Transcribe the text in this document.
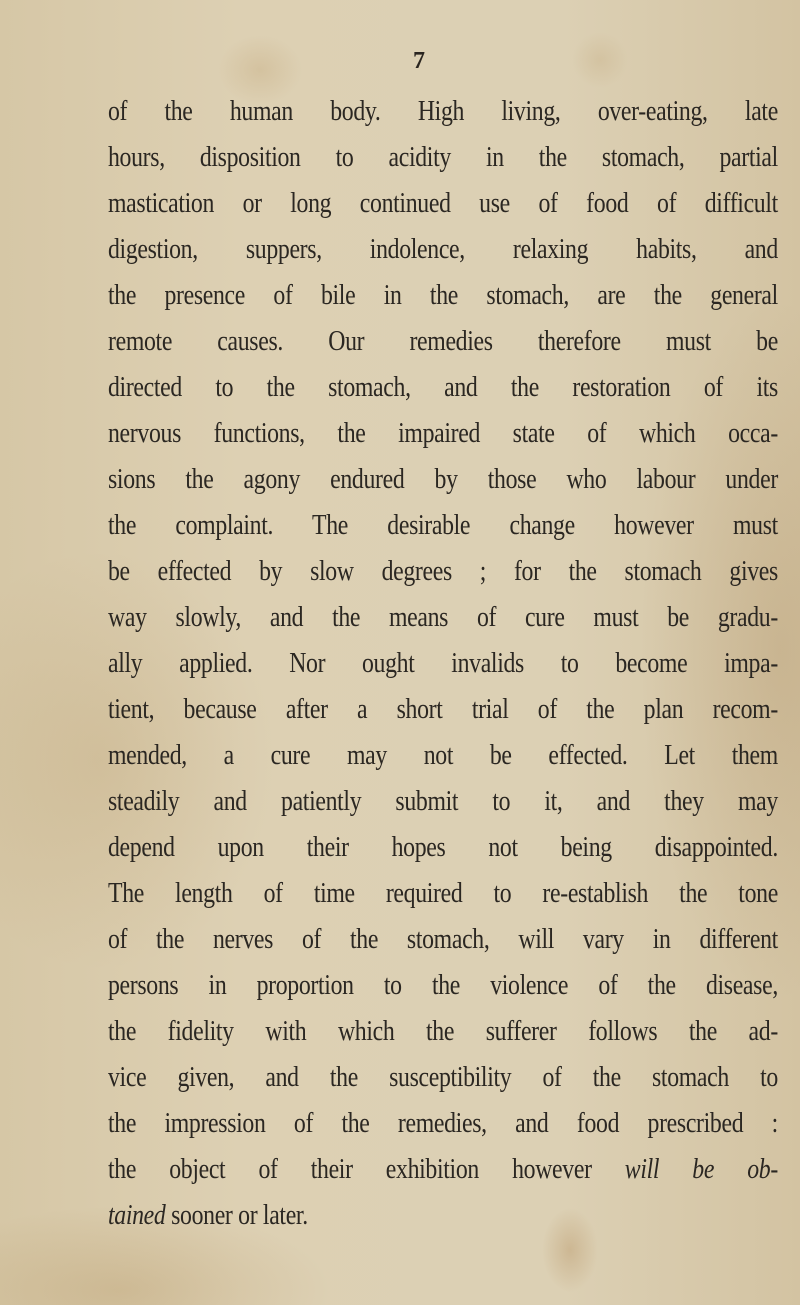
7
of the human body. High living, over-eating, late
hours, disposition to acidity in the stomach, partial
mastication or long continued use of food of difficult
digestion, suppers, indolence, relaxing habits, and
the presence of bile in the stomach, are the general
remote causes. Our remedies therefore must be
directed to the stomach, and the restoration of its
nervous functions, the impaired state of which occa-
sions the agony endured by those who labour under
the complaint. The desirable change however must
be effected by slow degrees ; for the stomach gives
way slowly, and the means of cure must be gradu-
ally applied. Nor ought invalids to become impa-
tient, because after a short trial of the plan recom-
mended, a cure may not be effected. Let them
steadily and patiently submit to it, and they may
depend upon their hopes not being disappointed.
The length of time required to re-establish the tone
of the nerves of the stomach, will vary in different
persons in proportion to the violence of the disease,
the fidelity with which the sufferer follows the ad-
vice given, and the susceptibility of the stomach to
the impression of the remedies, and food prescribed :
the object of their exhibition however will be ob-
tained sooner or later.
